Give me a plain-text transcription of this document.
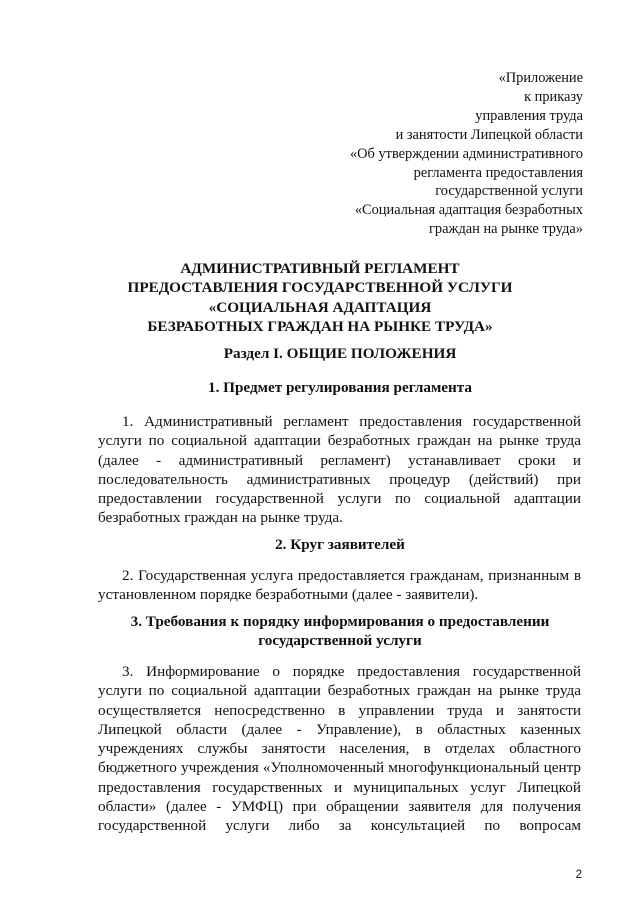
«Приложение
к приказу
управления труда
и занятости Липецкой области
«Об утверждении административного
регламента предоставления
государственной услуги
«Социальная адаптация безработных
граждан на рынке труда»
АДМИНИСТРАТИВНЫЙ РЕГЛАМЕНТ
ПРЕДОСТАВЛЕНИЯ ГОСУДАРСТВЕННОЙ УСЛУГИ
«СОЦИАЛЬНАЯ АДАПТАЦИЯ
БЕЗРАБОТНЫХ ГРАЖДАН НА РЫНКЕ ТРУДА»
Раздел I. ОБЩИЕ ПОЛОЖЕНИЯ
1. Предмет регулирования регламента
1. Административный регламент предоставления государственной
услуги по социальной адаптации безработных граждан на рынке труда
(далее - административный регламент) устанавливает сроки и
последовательность административных процедур (действий) при
предоставлении государственной услуги по социальной адаптации
безработных граждан на рынке труда.
2. Круг заявителей
2. Государственная услуга предоставляется гражданам, признанным в
установленном порядке безработными (далее - заявители).
3. Требования к порядку информирования о предоставлении
государственной услуги
3. Информирование о порядке предоставления государственной
услуги по социальной адаптации безработных граждан на рынке труда
осуществляется непосредственно в управлении труда и занятости
Липецкой области (далее - Управление), в областных казенных
учреждениях службы занятости населения, в отделах областного
бюджетного учреждения «Уполномоченный многофункциональный центр
предоставления государственных и муниципальных услуг Липецкой
области» (далее - УМФЦ) при обращении заявителя для получения
государственной услуги либо за консультацией по вопросам
2
